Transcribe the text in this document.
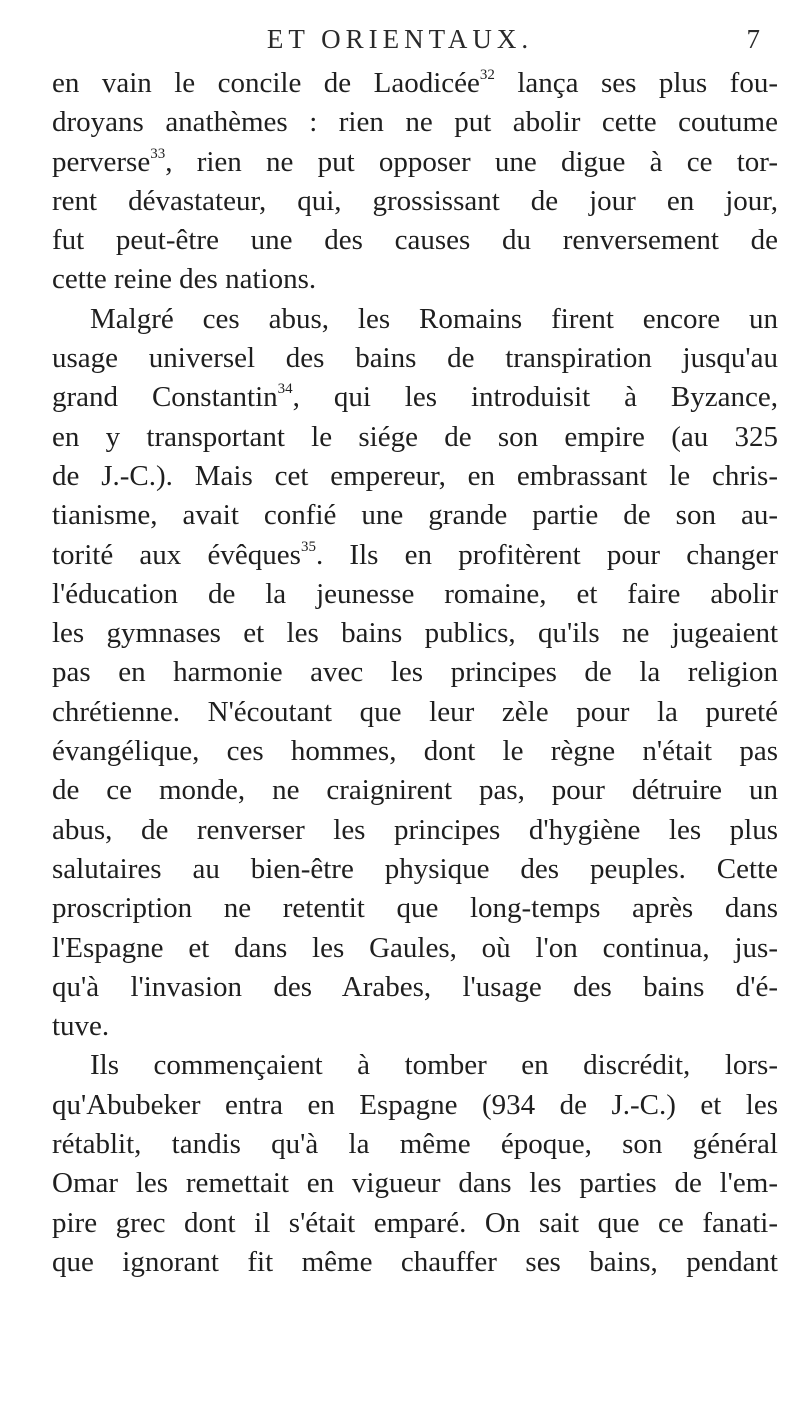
ET ORIENTAUX.	7
en vain le concile de Laodicée$^{32}$ lança ses plus fou-
droyans anathèmes : rien ne put abolir cette coutume
perverse$^{33}$, rien ne put opposer une digue à ce tor-
rent dévastateur, qui, grossissant de jour en jour,
fut peut-être une des causes du renversement de
cette reine des nations.
Malgré ces abus, les Romains firent encore un
usage universel des bains de transpiration jusqu'au
grand Constantin$^{34}$, qui les introduisit à Byzance,
en y transportant le siége de son empire (au 325
de J.-C.). Mais cet empereur, en embrassant le chris-
tianisme, avait confié une grande partie de son au-
torité aux évêques$^{35}$. Ils en profitèrent pour changer
l'éducation de la jeunesse romaine, et faire abolir
les gymnases et les bains publics, qu'ils ne jugeaient
pas en harmonie avec les principes de la religion
chrétienne. N'écoutant que leur zèle pour la pureté
évangélique, ces hommes, dont le règne n'était pas
de ce monde, ne craignirent pas, pour détruire un
abus, de renverser les principes d'hygiène les plus
salutaires au bien-être physique des peuples. Cette
proscription ne retentit que long-temps après dans
l'Espagne et dans les Gaules, où l'on continua, jus-
qu'à l'invasion des Arabes, l'usage des bains d'é-
tuve.
Ils commençaient à tomber en discrédit, lors-
qu'Abubeker entra en Espagne (934 de J.-C.) et les
rétablit, tandis qu'à la même époque, son général
Omar les remettait en vigueur dans les parties de l'em-
pire grec dont il s'était emparé. On sait que ce fanati-
que ignorant fit même chauffer ses bains, pendant
